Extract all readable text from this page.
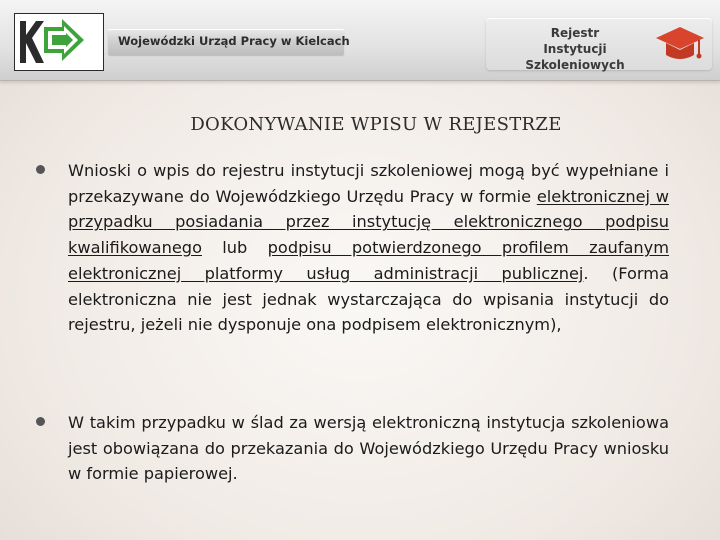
Wojewódzki Urząd Pracy w Kielcach
Rejestr
Instytucji Szkoleniowych
DOKONYWANIE WPISU W REJESTRZE
Wnioski o wpis do rejestru instytucji szkoleniowej mogą być wypełniane i przekazywane do Wojewódzkiego Urzędu Pracy w formie elektronicznej w przypadku posiadania przez instytucję elektronicznego podpisu kwalifikowanego lub podpisu potwierdzonego profilem zaufanym elektronicznej platformy usług administracji publicznej. (Forma elektroniczna nie jest jednak wystarczająca do wpisania instytucji do rejestru, jeżeli nie dysponuje ona podpisem elektronicznym),
W takim przypadku w ślad za wersją elektroniczną instytucja szkoleniowa jest obowiązana do przekazania do Wojewódzkiego Urzędu Pracy wniosku w formie papierowej.
